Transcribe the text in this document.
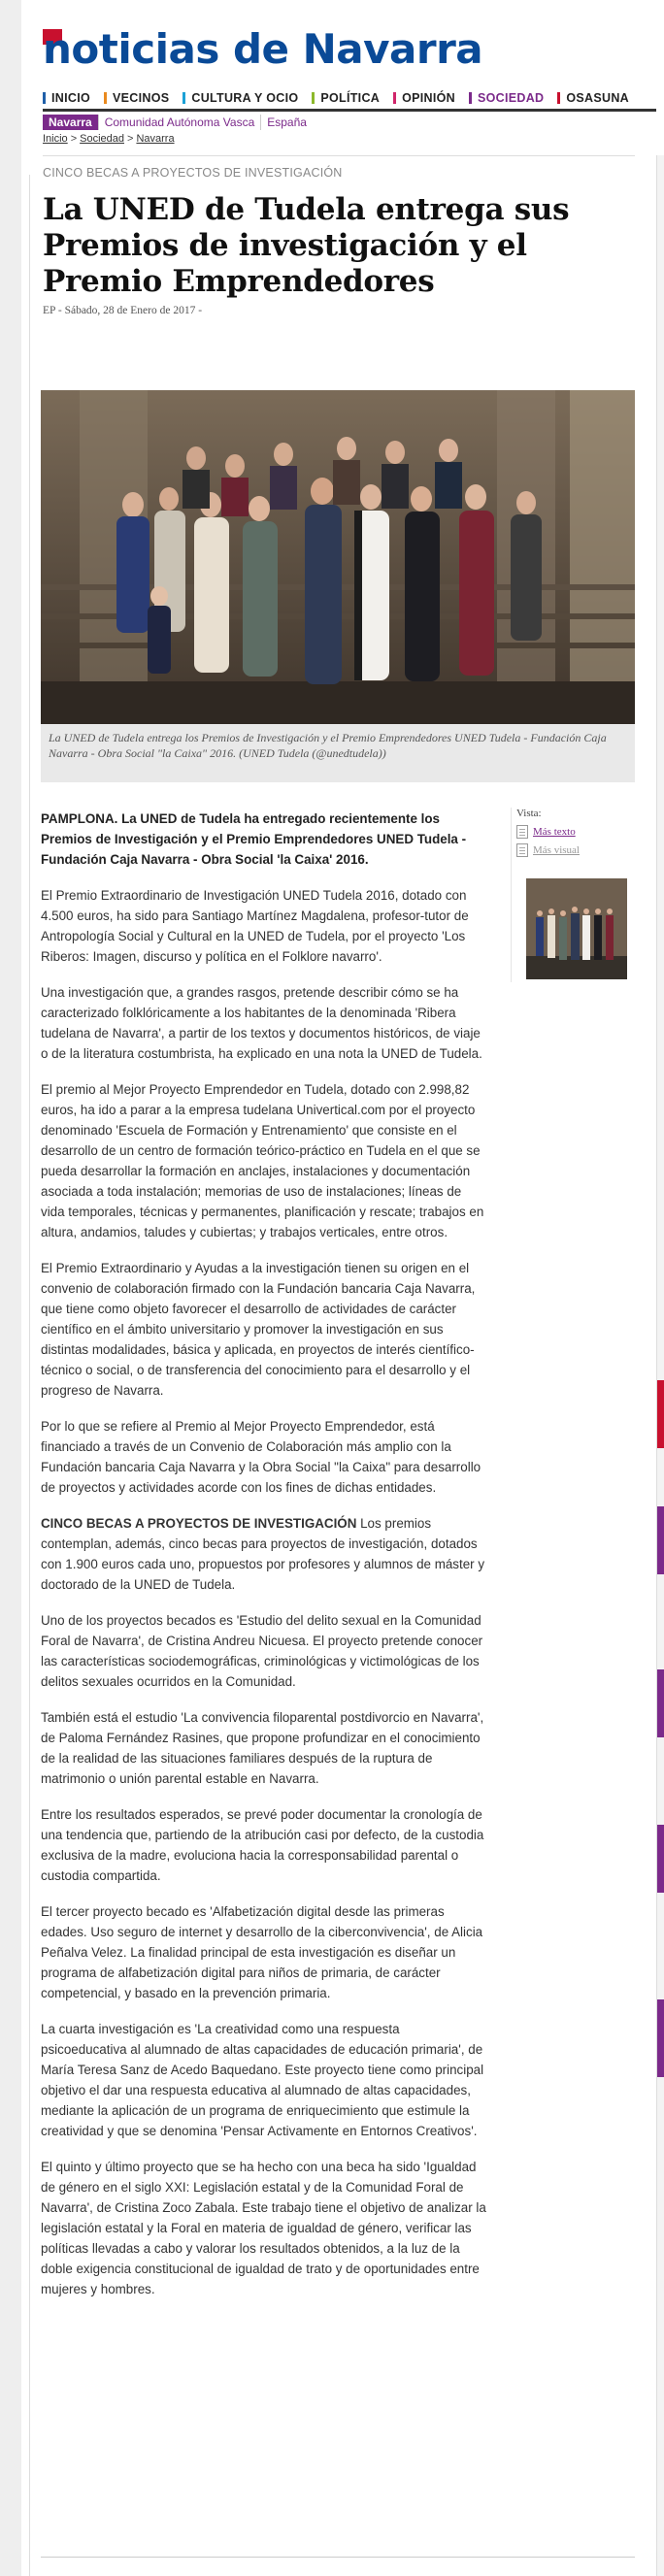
noticias de Navarra
INICIO VECINOS CULTURA Y OCIO POLÍTICA OPINIÓN SOCIEDAD OSASUNA
Navarra	Comunidad Autónoma Vasca	España
Inicio > Sociedad > Navarra
CINCO BECAS A PROYECTOS DE INVESTIGACIÓN
La UNED de Tudela entrega sus Premios de investigación y el Premio Emprendedores
EP - Sábado, 28 de Enero de 2017 -
La UNED de Tudela entrega los Premios de Investigación y el Premio Emprendedores UNED Tudela - Fundación Caja Navarra - Obra Social "la Caixa" 2016. (UNED Tudela (@unedtudela))
Vista:
Más texto
Más visual

PAMPLONA. La UNED de Tudela ha entregado recientemente los Premios de Investigación y el Premio Emprendedores UNED Tudela - Fundación Caja Navarra - Obra Social 'la Caixa' 2016.

El Premio Extraordinario de Investigación UNED Tudela 2016, dotado con 4.500 euros, ha sido para Santiago Martínez Magdalena, profesor-tutor de Antropología Social y Cultural en la UNED de Tudela, por el proyecto 'Los Riberos: Imagen, discurso y política en el Folklore navarro'.

Una investigación que, a grandes rasgos, pretende describir cómo se ha caracterizado folklóricamente a los habitantes de la denominada 'Ribera tudelana de Navarra', a partir de los textos y documentos históricos, de viaje o de la literatura costumbrista, ha explicado en una nota la UNED de Tudela.

El premio al Mejor Proyecto Emprendedor en Tudela, dotado con 2.998,82 euros, ha ido a parar a la empresa tudelana Univertical.com por el proyecto denominado 'Escuela de Formación y Entrenamiento' que consiste en el desarrollo de un centro de formación teórico-práctico en Tudela en el que se pueda desarrollar la formación en anclajes, instalaciones y documentación asociada a toda instalación; memorias de uso de instalaciones; líneas de vida temporales, técnicas y permanentes, planificación y rescate; trabajos en altura, andamios, taludes y cubiertas; y trabajos verticales, entre otros.

El Premio Extraordinario y Ayudas a la investigación tienen su origen en el convenio de colaboración firmado con la Fundación bancaria Caja Navarra, que tiene como objeto favorecer el desarrollo de actividades de carácter científico en el ámbito universitario y promover la investigación en sus distintas modalidades, básica y aplicada, en proyectos de interés científico-técnico o social, o de transferencia del conocimiento para el desarrollo y el progreso de Navarra.

Por lo que se refiere al Premio al Mejor Proyecto Emprendedor, está financiado a través de un Convenio de Colaboración más amplio con la Fundación bancaria Caja Navarra y la Obra Social "la Caixa" para desarrollo de proyectos y actividades acorde con los fines de dichas entidades.

CINCO BECAS A PROYECTOS DE INVESTIGACIÓN Los premios contemplan, además, cinco becas para proyectos de investigación, dotados con 1.900 euros cada uno, propuestos por profesores y alumnos de máster y doctorado de la UNED de Tudela.

Uno de los proyectos becados es 'Estudio del delito sexual en la Comunidad Foral de Navarra', de Cristina Andreu Nicuesa. El proyecto pretende conocer las características sociodemográficas, criminológicas y victimológicas de los delitos sexuales ocurridos en la Comunidad.

También está el estudio 'La convivencia filoparental postdivorcio en Navarra', de Paloma Fernández Rasines, que propone profundizar en el conocimiento de la realidad de las situaciones familiares después de la ruptura de matrimonio o unión parental estable en Navarra.

Entre los resultados esperados, se prevé poder documentar la cronología de una tendencia que, partiendo de la atribución casi por defecto, de la custodia exclusiva de la madre, evoluciona hacia la corresponsabilidad parental o custodia compartida.

El tercer proyecto becado es 'Alfabetización digital desde las primeras edades. Uso seguro de internet y desarrollo de la ciberconvivencia', de Alicia Peñalva Velez. La finalidad principal de esta investigación es diseñar un programa de alfabetización digital para niños de primaria, de carácter competencial, y basado en la prevención primaria.

La cuarta investigación es 'La creatividad como una respuesta psicoeducativa al alumnado de altas capacidades de educación primaria', de María Teresa Sanz de Acedo Baquedano. Este proyecto tiene como principal objetivo el dar una respuesta educativa al alumnado de altas capacidades, mediante la aplicación de un programa de enriquecimiento que estimule la creatividad y que se denomina 'Pensar Activamente en Entornos Creativos'.

El quinto y último proyecto que se ha hecho con una beca ha sido 'Igualdad de género en el siglo XXI: Legislación estatal y de la Comunidad Foral de Navarra', de Cristina Zoco Zabala. Este trabajo tiene el objetivo de analizar la legislación estatal y la Foral en materia de igualdad de género, verificar las políticas llevadas a cabo y valorar los resultados obtenidos, a la luz de la doble exigencia constitucional de igualdad de trato y de oportunidades entre mujeres y hombres.
